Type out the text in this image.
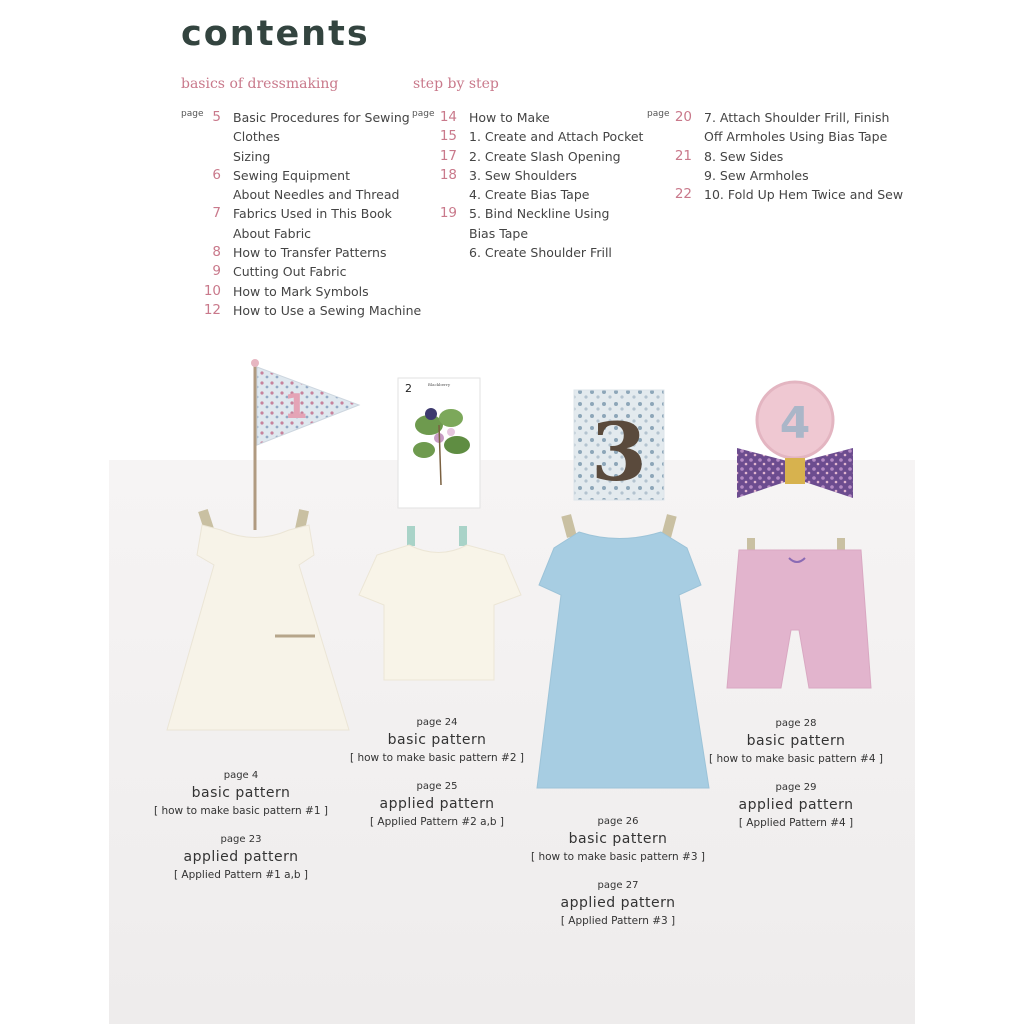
contents
basics of dressmaking	step by step
page 5 Basic Procedures for Sewing
Clothes
Sizing
6 Sewing Equipment
About Needles and Thread
7 Fabrics Used in This Book
About Fabric
8 How to Transfer Patterns
9 Cutting Out Fabric
10 How to Mark Symbols
12 How to Use a Sewing Machine
page 14 How to Make
15 1. Create and Attach Pocket
17 2. Create Slash Opening
18 3. Sew Shoulders
4. Create Bias Tape
19 5. Bind Neckline Using
Bias Tape
6. Create Shoulder Frill
page 20 7. Attach Shoulder Frill, Finish
Off Armholes Using Bias Tape
21 8. Sew Sides
9. Sew Armholes
22 10. Fold Up Hem Twice and Sew
1	2	Blackberry
3	4
page 4
basic pattern
[ how to make basic pattern #1 ]
page 23
applied pattern
[ Applied Pattern #1 a,b ]
page 24
basic pattern
[ how to make basic pattern #2 ]
page 25
applied pattern
[ Applied Pattern #2 a,b ]	page 26
basic pattern
[ how to make basic pattern #3 ]
page 27
applied pattern
[ Applied Pattern #3 ]
page 28
basic pattern
[ how to make basic pattern #4 ]
page 29
applied pattern
[ Applied Pattern #4 ]
